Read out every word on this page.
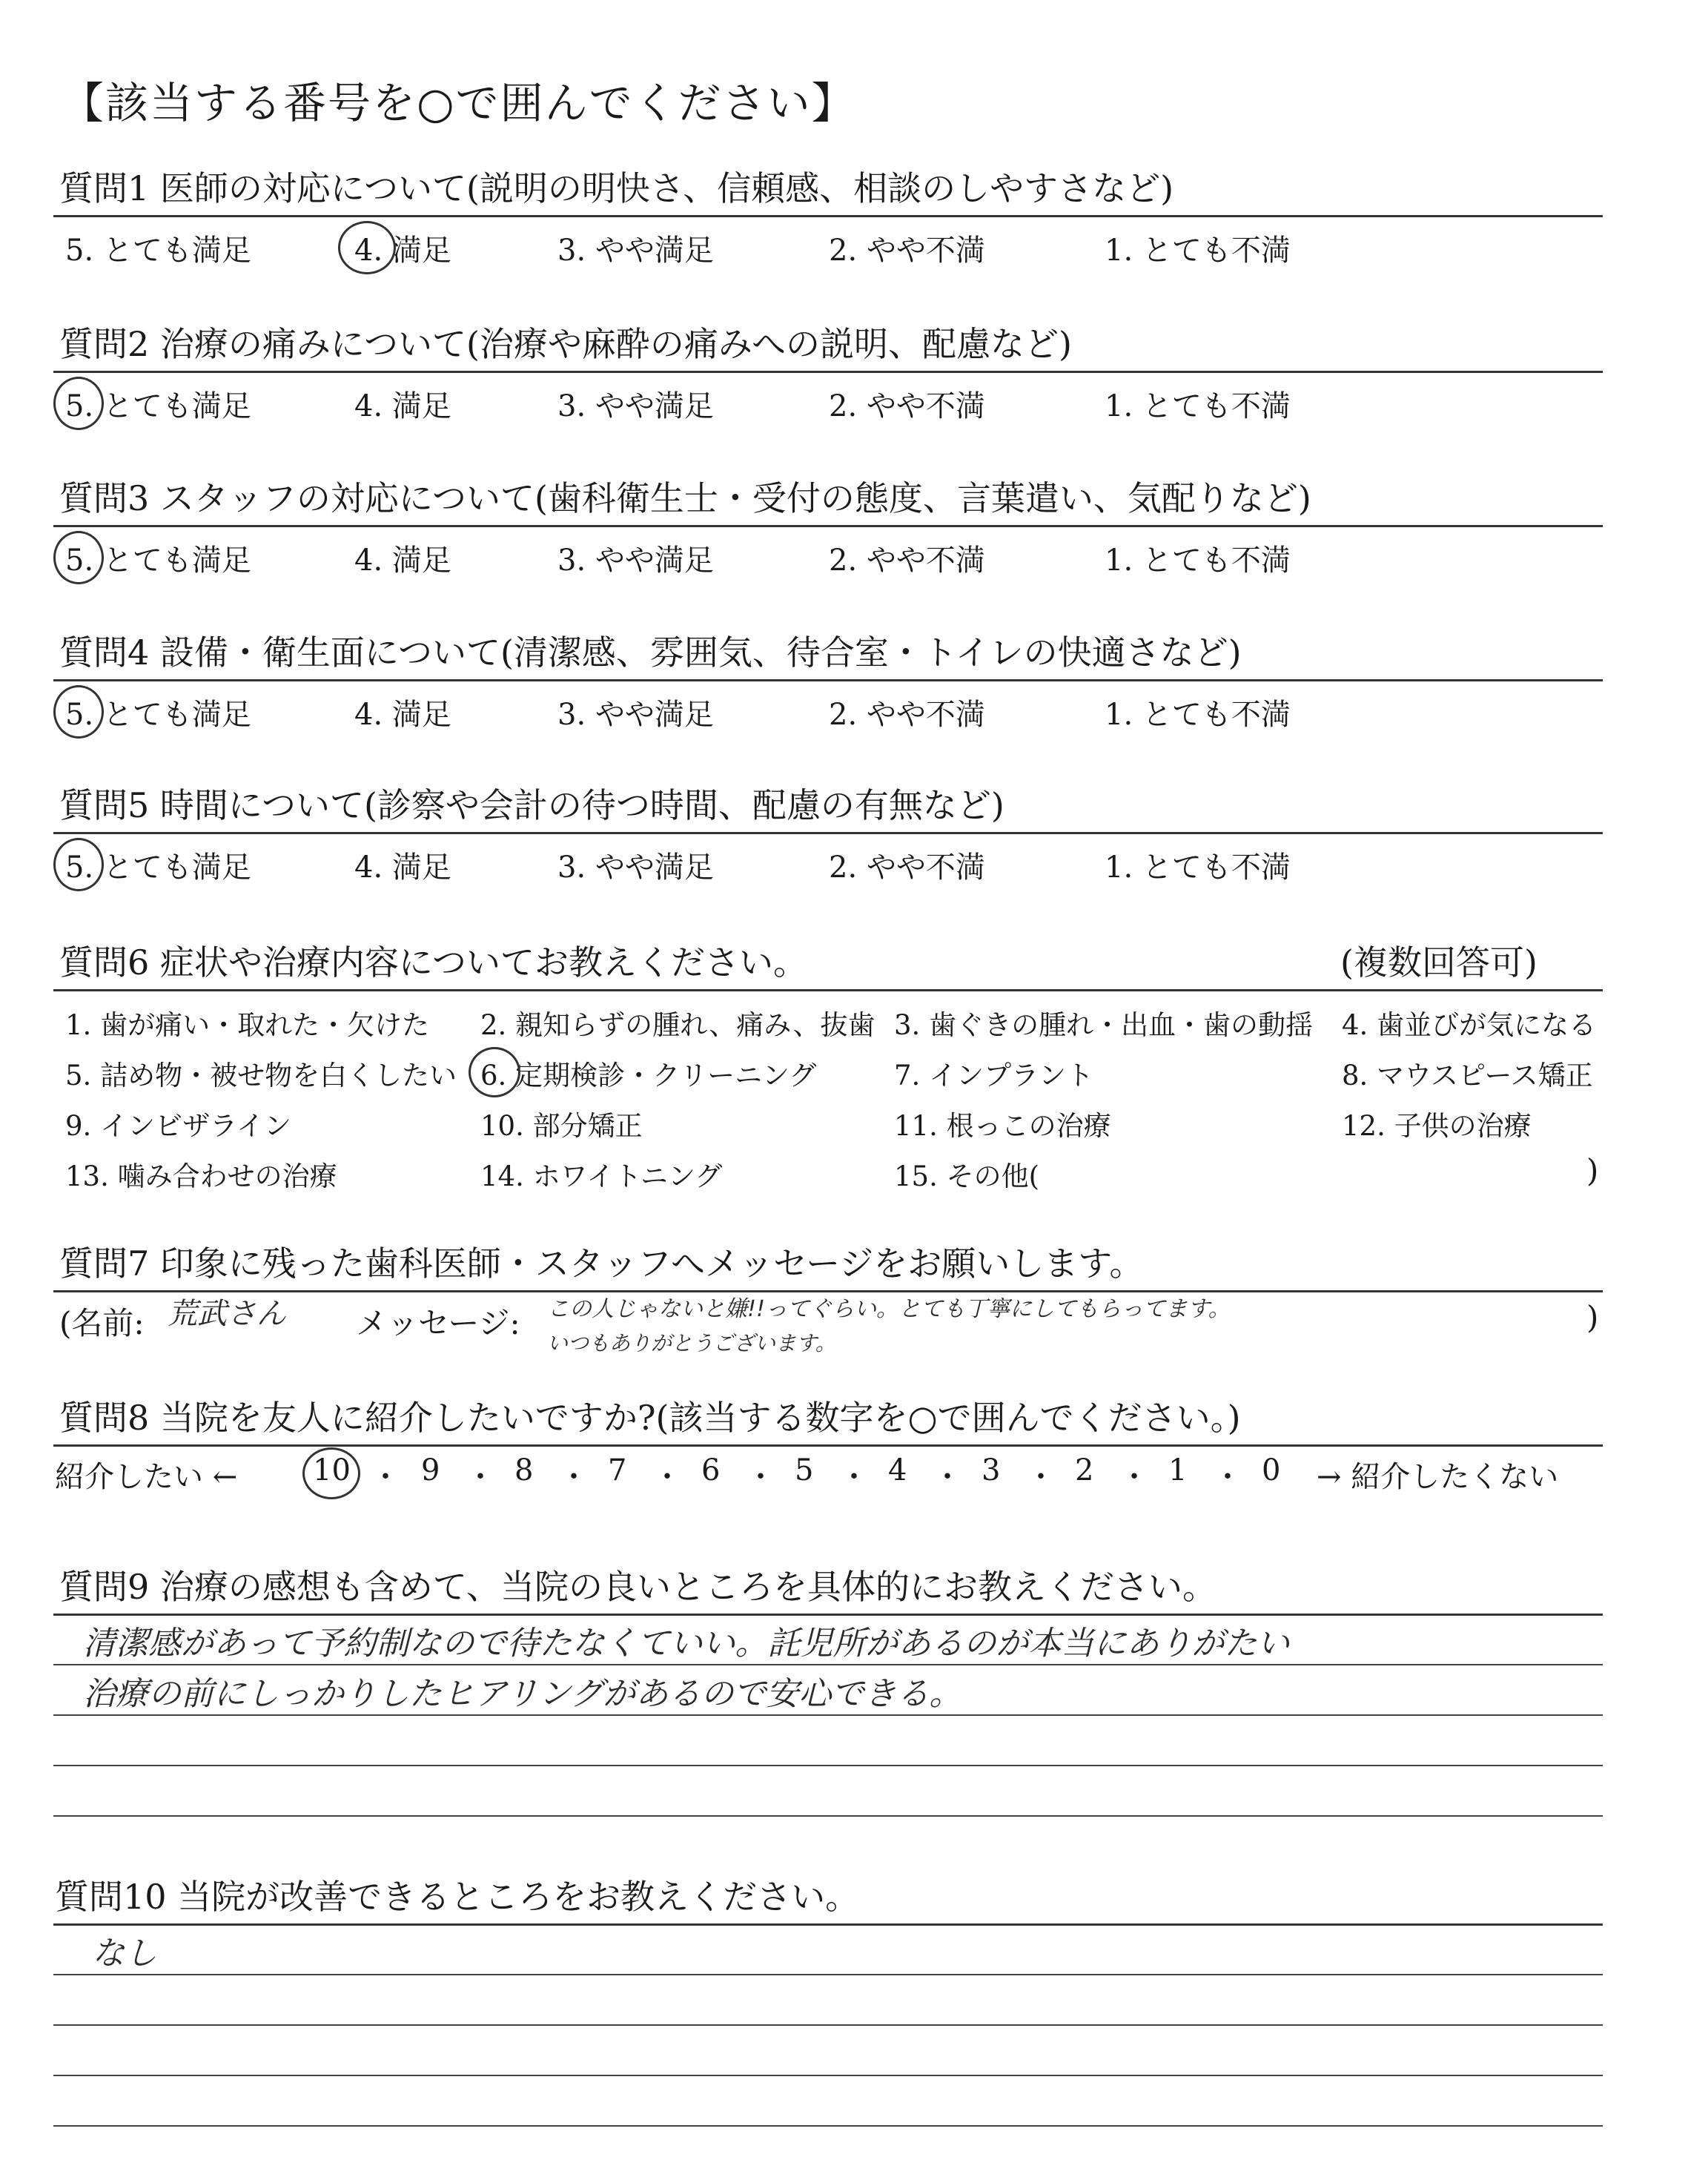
【該当する番号を○で囲んでください】
質問1 医師の対応について(説明の明快さ、信頼感、相談のしやすさなど)
5. とても満足	4. 満足	3. やや満足	2. やや不満	1. とても不満
質問2 治療の痛みについて(治療や麻酔の痛みへの説明、配慮など)
5. とても満足	4. 満足	3. やや満足	2. やや不満	1. とても不満
質問3 スタッフの対応について(歯科衛生士・受付の態度、言葉遣い、気配りなど)
5. とても満足	4. 満足	3. やや満足	2. やや不満	1. とても不満
質問4 設備・衛生面について(清潔感、雰囲気、待合室・トイレの快適さなど)
5. とても満足	4. 満足	3. やや満足	2. やや不満	1. とても不満
質問5 時間について(診察や会計の待つ時間、配慮の有無など)
5. とても満足	4. 満足	3. やや満足	2. やや不満	1. とても不満
質問6 症状や治療内容についてお教えください。	(複数回答可)
1. 歯が痛い・取れた・欠けた 2. 親知らずの腫れ、痛み、抜歯 3. 歯ぐきの腫れ・出血・歯の動揺 4. 歯並びが気になる
5. 詰め物・被せ物を白くしたい 6. 定期検診・クリーニング	7. インプラント	8. マウスピース矯正
9. インビザライン	10. 部分矯正	11. 根っこの治療	12. 子供の治療
13. 噛み合わせの治療	14. ホワイトニング	15. その他(	)
質問7 印象に残った歯科医師・スタッフへメッセージをお願いします。
(名前: 荒武さん メッセージ: この人じゃないと嫌!!ってぐらい。とても丁寧にしてもらってます。
いつもありがとうございます。
)
質問8 当院を友人に紹介したいですか?(該当する数字を○で囲んでください。)
紹介したい ←	10 ・ 9 ・ 8 ・ 7 ・ 6 ・ 5 ・ 4 ・ 3 ・ 2 ・ 1 ・ 0 → 紹介したくない
質問9 治療の感想も含めて、当院の良いところを具体的にお教えください。
清潔感があって予約制なので待たなくていい。託児所があるのが本当にありがたい
治療の前にしっかりしたヒアリングがあるので安心できる。
質問10 当院が改善できるところをお教えください。
なし
